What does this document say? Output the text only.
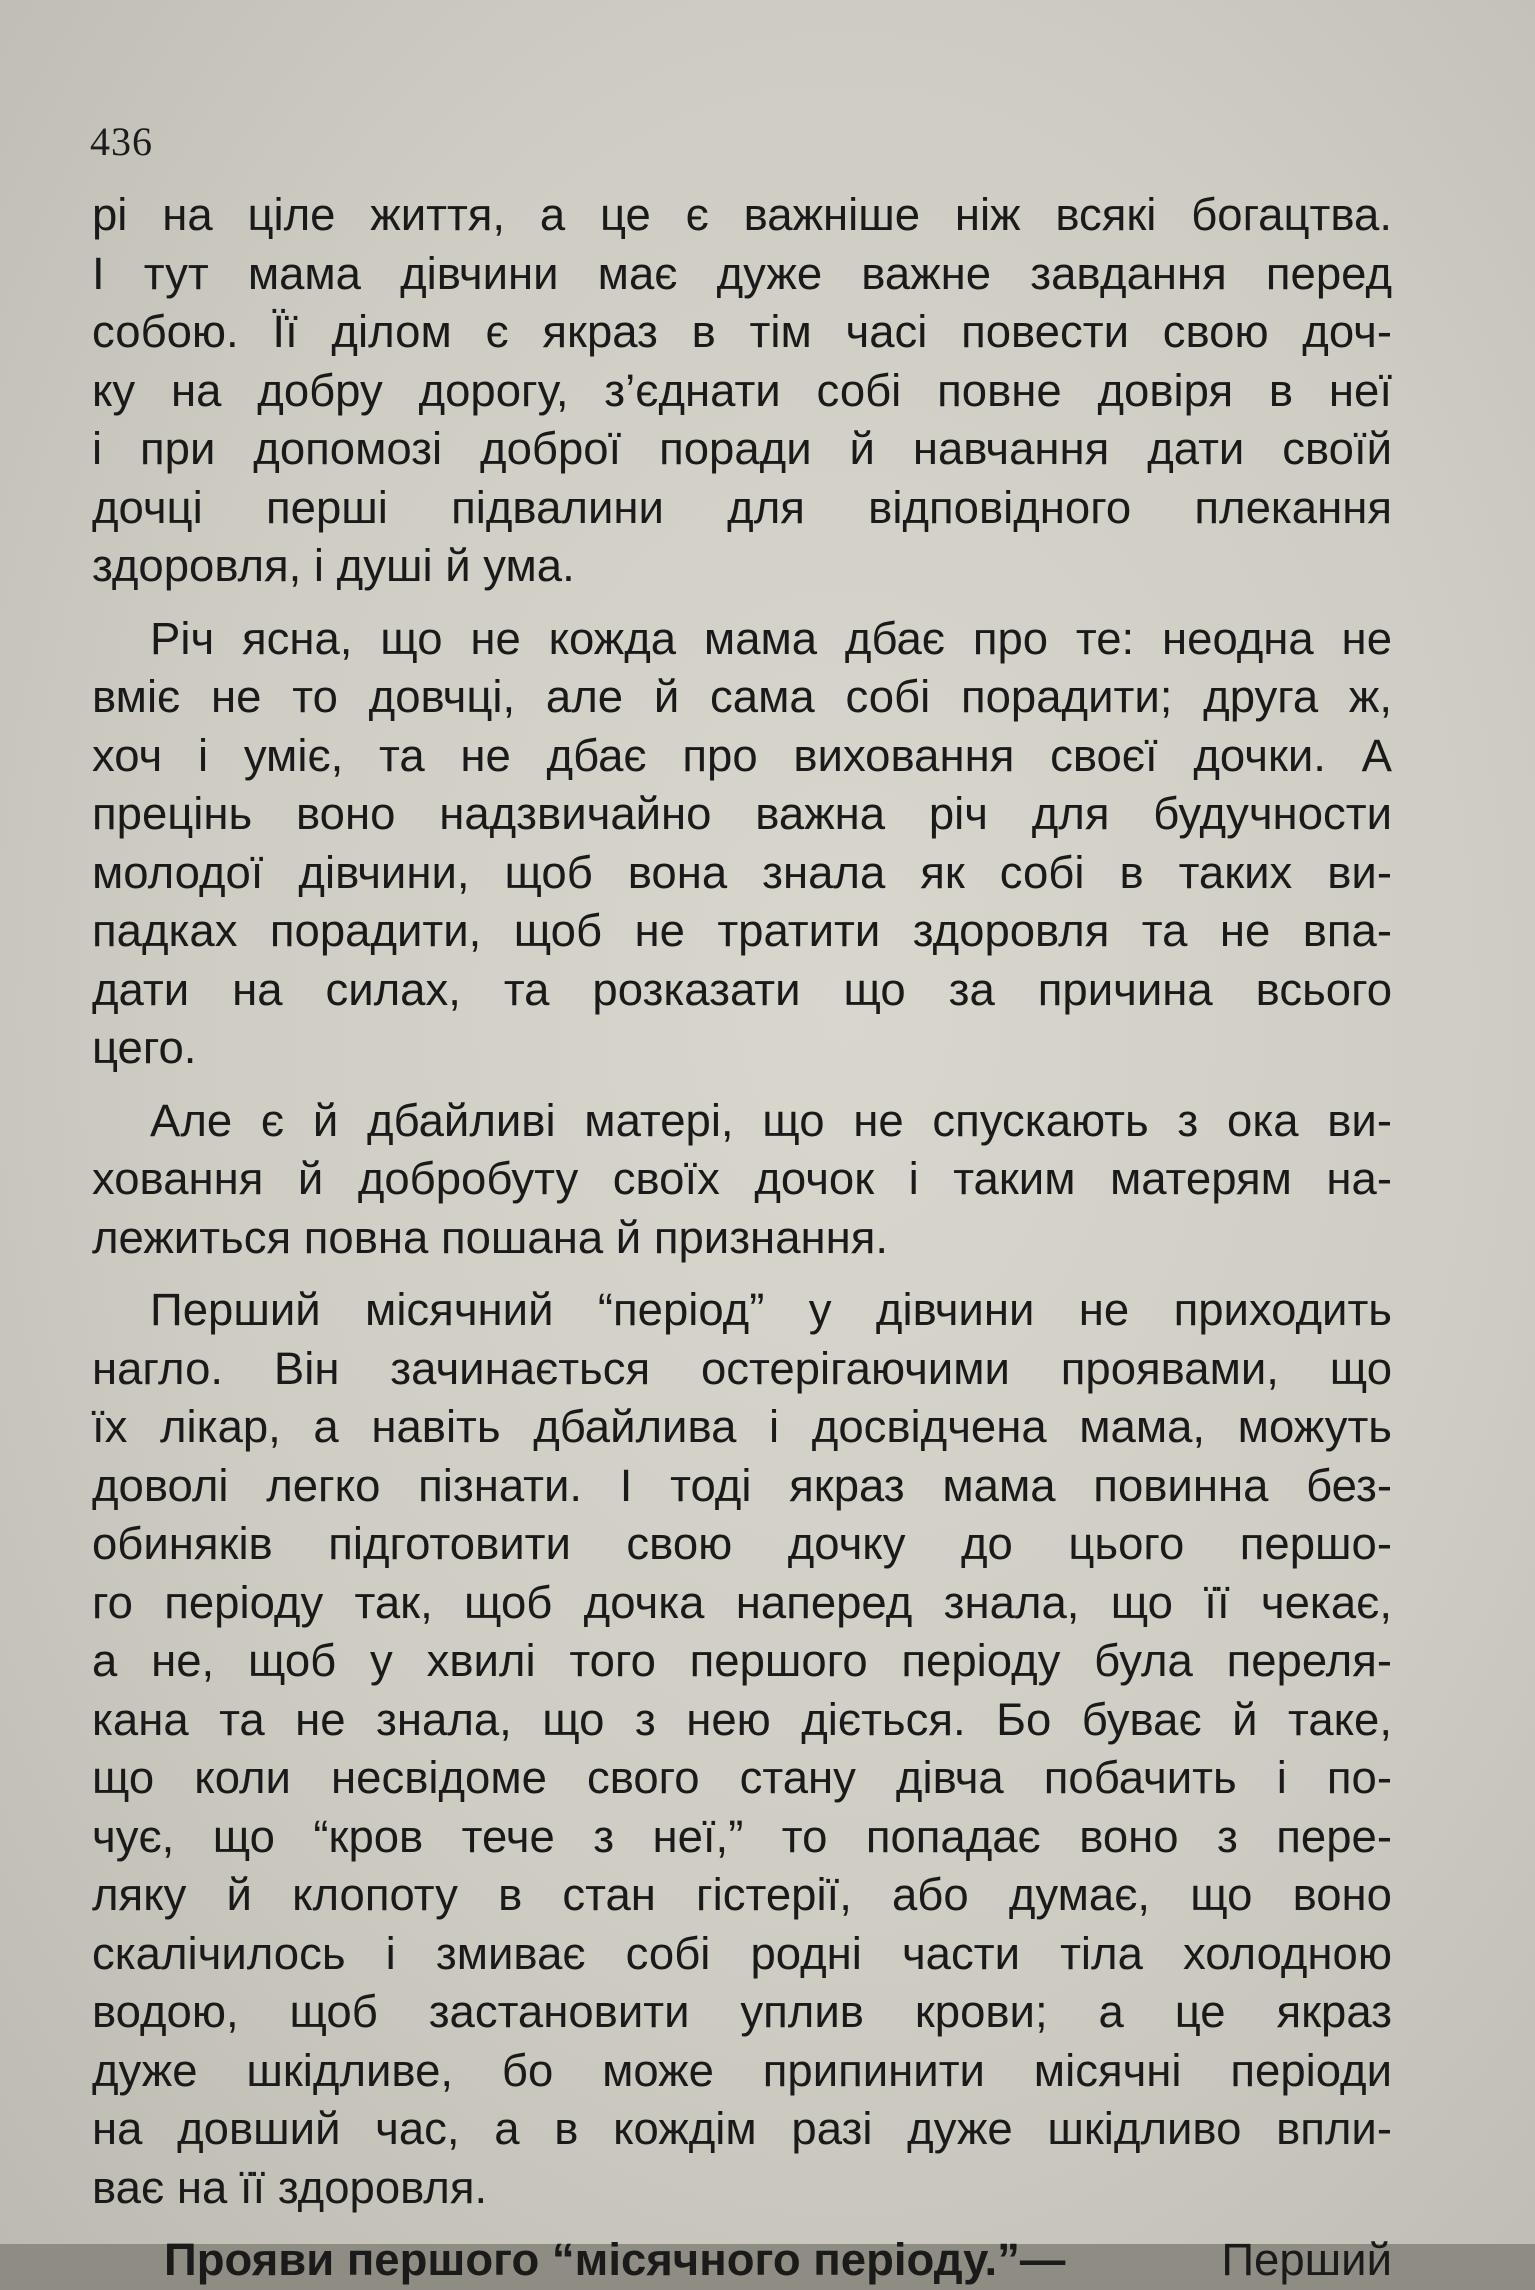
436
рі на ціле життя, а це є важніше ніж всякі богацтва.
І тут мама дівчини має дуже важне завдання перед
собою. Її ділом є якраз в тім часі повести свою доч-
ку на добру дорогу, з’єднати собі повне довіря в неї
і при допомозі доброї поради й навчання дати своїй
дочці перші підвалини для відповідного плекання
здоровля, і душі й ума.
Річ ясна, що не кожда мама дбає про те: неодна не
вміє не то довчці, але й сама собі порадити; друга ж,
хоч і уміє, та не дбає про виховання своєї дочки. А
прецінь воно надзвичайно важна річ для будучности
молодої дівчини, щоб вона знала як собі в таких ви-
падках порадити, щоб не тратити здоровля та не впа-
дати на силах, та розказати що за причина всього
цего.
Але є й дбайливі матері, що не спускають з ока ви-
ховання й добробуту своїх дочок і таким матерям на-
лежиться повна пошана й признання.
Перший місячний “період” у дівчини не приходить
нагло. Він зачинається остерігаючими проявами, що
їх лікар, а навіть дбайлива і досвідчена мама, можуть
доволі легко пізнати. І тоді якраз мама повинна без-
обиняків підготовити свою дочку до цього першо-
го періоду так, щоб дочка наперед знала, що її чекає,
а не, щоб у хвилі того першого періоду була переля-
кана та не знала, що з нею діється. Бо буває й таке,
що коли несвідоме свого стану дівча побачить і по-
чує, що “кров тече з неї,” то попадає воно з пере-
ляку й клопоту в стан гістерії, або думає, що воно
скалічилось і змиває собі родні части тіла холодною
водою, щоб застановити уплив крови; а це якраз
дуже шкідливе, бо може припинити місячні періоди
на довший час, а в кождім разі дуже шкідливо впли-
ває на її здоровля.
Прояви першого “місячного періоду.”—	Перший
